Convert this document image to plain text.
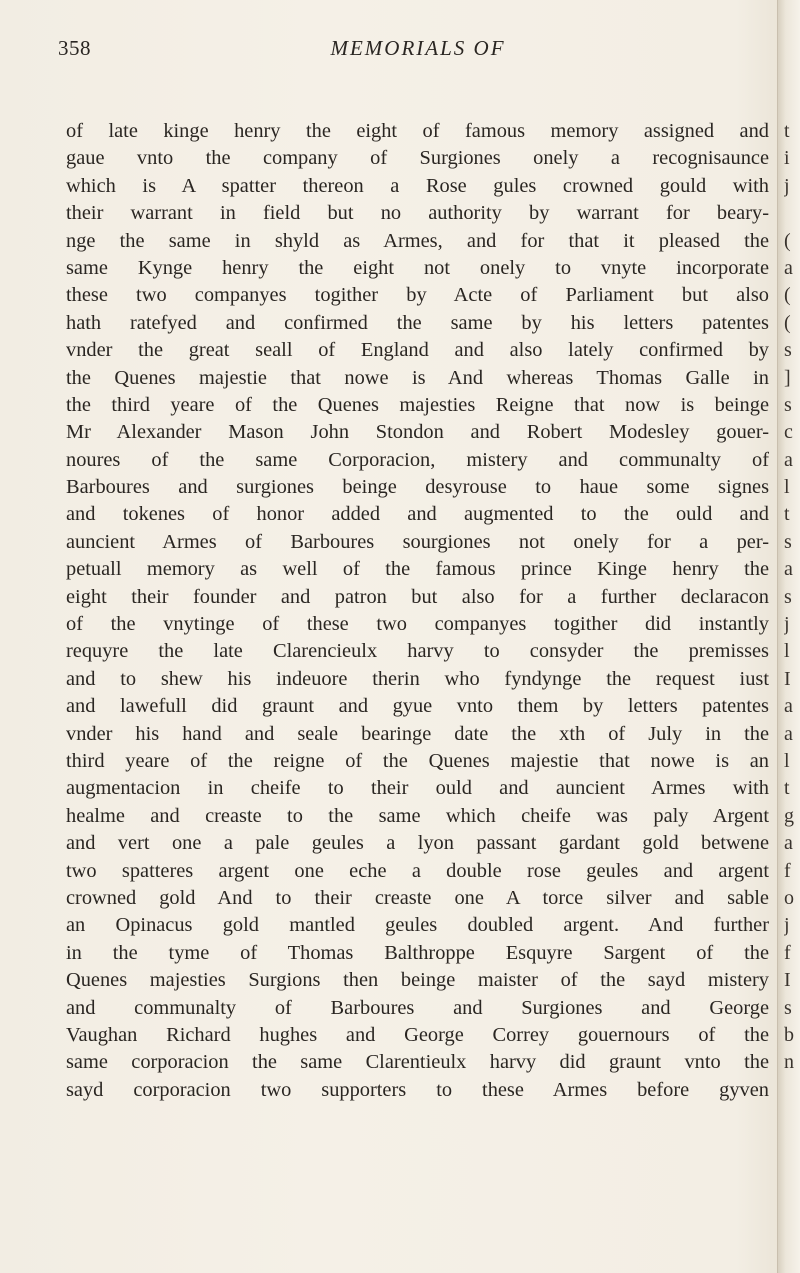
358	MEMORIALS OF
of late kinge henry the eight of famous memory assigned and
gaue vnto the company of Surgiones onely a recognisaunce
which is A spatter thereon a Rose gules crowned gould with
their warrant in field but no authority by warrant for beary-
nge the same in shyld as Armes, and for that it pleased the
same Kynge henry the eight not onely to vnyte incorporate
these two companyes togither by Acte of Parliament but also
hath ratefyed and confirmed the same by his letters patentes
vnder the great seall of England and also lately confirmed by
the Quenes majestie that nowe is And whereas Thomas Galle in
the third yeare of the Quenes majesties Reigne that now is beinge
Mr Alexander Mason John Stondon and Robert Modesley gouer-
noures of the same Corporacion, mistery and communalty of
Barboures and surgiones beinge desyrouse to haue some signes
and tokenes of honor added and augmented to the ould and
auncient Armes of Barboures sourgiones not onely for a per-
petuall memory as well of the famous prince Kinge henry the
eight their founder and patron but also for a further declaracon
of the vnytinge of these two companyes togither did instantly
requyre the late Clarencieulx harvy to consyder the premisses
and to shew his indeuore therin who fyndynge the request iust
and lawefull did graunt and gyue vnto them by letters patentes
vnder his hand and seale bearinge date the xth of July in the
third yeare of the reigne of the Quenes majestie that nowe is an
augmentacion in cheife to their ould and auncient Armes with
healme and creaste to the same which cheife was paly Argent
and vert one a pale geules a lyon passant gardant gold betwene
two spatteres argent one eche a double rose geules and argent
crowned gold And to their creaste one A torce silver and sable
an Opinacus gold mantled geules doubled argent. And further
in the tyme of Thomas Balthroppe Esquyre Sargent of the
Quenes majesties Surgions then beinge maister of the sayd mistery
and communalty of Barboures and Surgiones and George
Vaughan Richard hughes and George Correy gouernours of the
same corporacion the same Clarentieulx harvy did graunt vnto the
sayd corporacion two supporters to these Armes before gyven
t
i
j
(
a
(
(
s
]
s
c
a
l
t
s
a
s
j
l
I
a
a
l
t
g
a
f
o
j
f
I
s
b
n
